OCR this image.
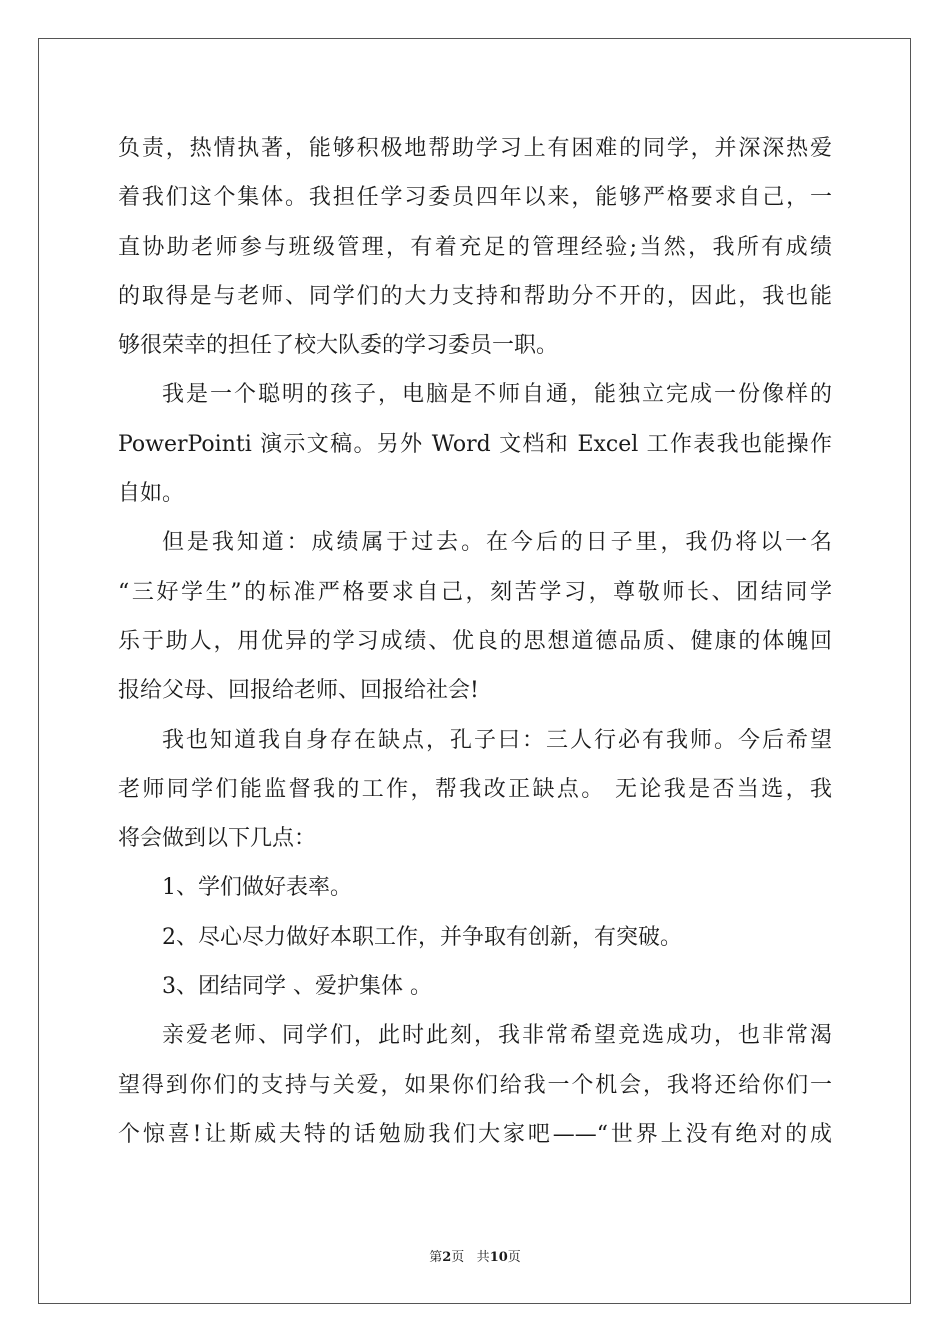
负责，热情执著，能够积极地帮助学习上有困难的同学，并深深热爱
着我们这个集体。我担任学习委员四年以来，能够严格要求自己，一
直协助老师参与班级管理，有着充足的管理经验;当然，我所有成绩
的取得是与老师、同学们的大力支持和帮助分不开的，因此，我也能
够很荣幸的担任了校大队委的学习委员一职。
我是一个聪明的孩子，电脑是不师自通，能独立完成一份像样的
PowerPointi 演示文稿。另外 Word 文档和 Excel 工作表我也能操作
自如。
但是我知道：成绩属于过去。在今后的日子里，我仍将以一名
“三好学生”的标准严格要求自己，刻苦学习，尊敬师长、团结同学
乐于助人，用优异的学习成绩、优良的思想道德品质、健康的体魄回
报给父母、回报给老师、回报给社会!
我也知道我自身存在缺点，孔子曰：三人行必有我师。今后希望
老师同学们能监督我的工作，帮我改正缺点。 无论我是否当选，我
将会做到以下几点：
1、学们做好表率。
2、尽心尽力做好本职工作，并争取有创新，有突破。
3、团结同学 、爱护集体 。
亲爱老师、同学们，此时此刻，我非常希望竞选成功，也非常渴
望得到你们的支持与关爱，如果你们给我一个机会，我将还给你们一
个惊喜!让斯威夫特的话勉励我们大家吧——“世界上没有绝对的成
第2页 共10页
